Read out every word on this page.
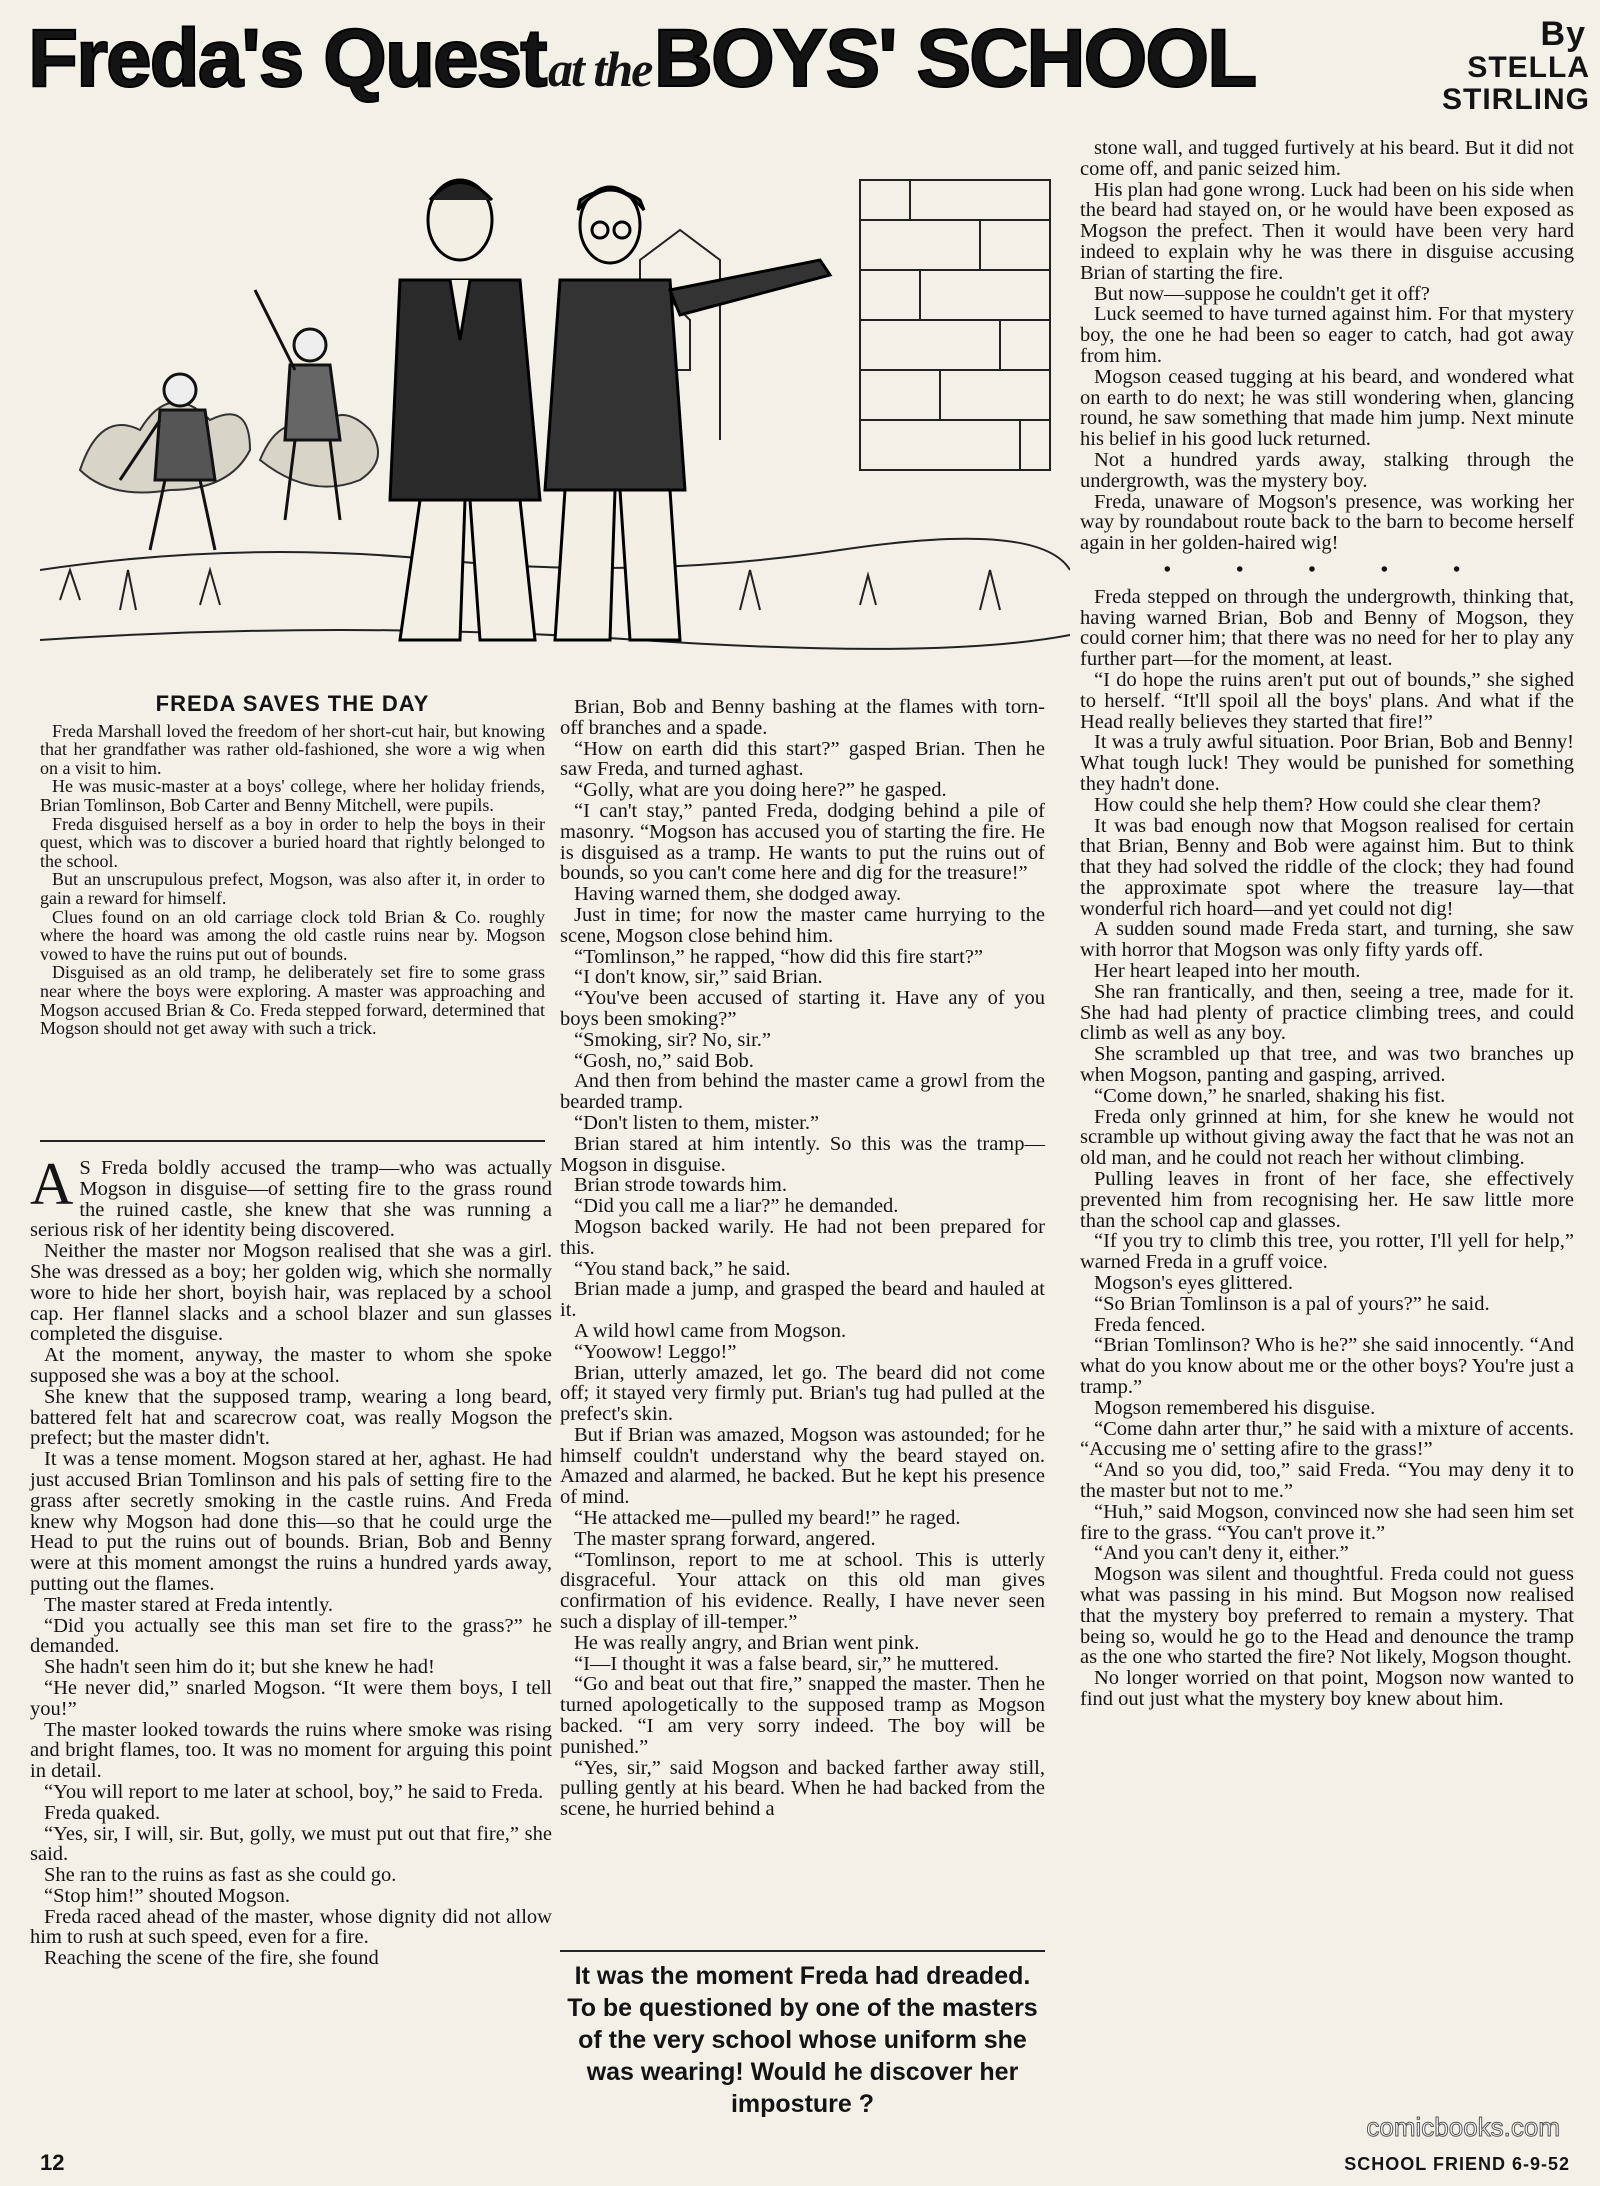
Freda's Quest at the BOYS' SCHOOL	By
STELLA
STIRLING
FREDA SAVES THE DAY

Freda Marshall loved the freedom of her short-cut hair, but knowing that her grandfather was rather old-fashioned, she wore a wig when on a visit to him.

He was music-master at a boys' college, where her holiday friends, Brian Tomlinson, Bob Carter and Benny Mitchell, were pupils.

Freda disguised herself as a boy in order to help the boys in their quest, which was to discover a buried hoard that rightly belonged to the school.

But an unscrupulous prefect, Mogson, was also after it, in order to gain a reward for himself.

Clues found on an old carriage clock told Brian & Co. roughly where the hoard was among the old castle ruins near by. Mogson vowed to have the ruins put out of bounds.

Disguised as an old tramp, he deliberately set fire to some grass near where the boys were exploring. A master was approaching and Mogson accused Brian & Co. Freda stepped forward, determined that Mogson should not get away with such a trick.

A S Freda boldly accused the tramp—who was actually Mogson in disguise—of setting fire to the grass round the ruined castle, she knew that she was running a serious risk of her identity being discovered.

Neither the master nor Mogson realised that she was a girl. She was dressed as a boy; her golden wig, which she normally wore to hide her short, boyish hair, was replaced by a school cap. Her flannel slacks and a school blazer and sun glasses completed the disguise.

At the moment, anyway, the master to whom she spoke supposed she was a boy at the school.

She knew that the supposed tramp, wearing a long beard, battered felt hat and scarecrow coat, was really Mogson the prefect; but the master didn't.

It was a tense moment. Mogson stared at her, aghast. He had just accused Brian Tomlinson and his pals of setting fire to the grass after secretly smoking in the castle ruins. And Freda knew why Mogson had done this—so that he could urge the Head to put the ruins out of bounds. Brian, Bob and Benny were at this moment amongst the ruins a hundred yards away, putting out the flames.

The master stared at Freda intently.

“Did you actually see this man set fire to the grass?” he demanded.

She hadn't seen him do it; but she knew he had!

“He never did,” snarled Mogson. “It were them boys, I tell you!”

The master looked towards the ruins where smoke was rising and bright flames, too. It was no moment for arguing this point in detail.

“You will report to me later at school, boy,” he said to Freda.

Freda quaked.

“Yes, sir, I will, sir. But, golly, we must put out that fire,” she said.

She ran to the ruins as fast as she could go.

“Stop him!” shouted Mogson.

Freda raced ahead of the master, whose dignity did not allow him to rush at such speed, even for a fire.

Reaching the scene of the fire, she found

Brian, Bob and Benny bashing at the flames with torn-off branches and a spade.

“How on earth did this start?” gasped Brian. Then he saw Freda, and turned aghast.

“Golly, what are you doing here?” he gasped.

“I can't stay,” panted Freda, dodging behind a pile of masonry. “Mogson has accused you of starting the fire. He is disguised as a tramp. He wants to put the ruins out of bounds, so you can't come here and dig for the treasure!”

Having warned them, she dodged away.

Just in time; for now the master came hurrying to the scene, Mogson close behind him.

“Tomlinson,” he rapped, “how did this fire start?”

“I don't know, sir,” said Brian.

“You've been accused of starting it. Have any of you boys been smoking?”

“Smoking, sir? No, sir.”

“Gosh, no,” said Bob.

And then from behind the master came a growl from the bearded tramp.

“Don't listen to them, mister.”

Brian stared at him intently. So this was the tramp—Mogson in disguise.

Brian strode towards him.

“Did you call me a liar?” he demanded.

Mogson backed warily. He had not been prepared for this.

“You stand back,” he said.

Brian made a jump, and grasped the beard and hauled at it.

A wild howl came from Mogson.

“Yoowow! Leggo!”

Brian, utterly amazed, let go. The beard did not come off; it stayed very firmly put. Brian's tug had pulled at the prefect's skin.

But if Brian was amazed, Mogson was astounded; for he himself couldn't understand why the beard stayed on. Amazed and alarmed, he backed. But he kept his presence of mind.

“He attacked me—pulled my beard!” he raged.

The master sprang forward, angered.

“Tomlinson, report to me at school. This is utterly disgraceful. Your attack on this old man gives confirmation of his evidence. Really, I have never seen such a display of ill-temper.”

He was really angry, and Brian went pink.

“I—I thought it was a false beard, sir,” he muttered.

“Go and beat out that fire,” snapped the master. Then he turned apologetically to the supposed tramp as Mogson backed. “I am very sorry indeed. The boy will be punished.”

“Yes, sir,” said Mogson and backed farther away still, pulling gently at his beard. When he had backed from the scene, he hurried behind a

stone wall, and tugged furtively at his beard. But it did not come off, and panic seized him.

His plan had gone wrong. Luck had been on his side when the beard had stayed on, or he would have been exposed as Mogson the prefect. Then it would have been very hard indeed to explain why he was there in disguise accusing Brian of starting the fire.

But now—suppose he couldn't get it off?

Luck seemed to have turned against him. For that mystery boy, the one he had been so eager to catch, had got away from him.

Mogson ceased tugging at his beard, and wondered what on earth to do next; he was still wondering when, glancing round, he saw something that made him jump. Next minute his belief in his good luck returned.

Not a hundred yards away, stalking through the undergrowth, was the mystery boy.

Freda, unaware of Mogson's presence, was working her way by roundabout route back to the barn to become herself again in her golden-haired wig!

• • • • •

Freda stepped on through the undergrowth, thinking that, having warned Brian, Bob and Benny of Mogson, they could corner him; that there was no need for her to play any further part—for the moment, at least.

“I do hope the ruins aren't put out of bounds,” she sighed to herself. “It'll spoil all the boys' plans. And what if the Head really believes they started that fire!”

It was a truly awful situation. Poor Brian, Bob and Benny! What tough luck! They would be punished for something they hadn't done.

How could she help them? How could she clear them?

It was bad enough now that Mogson realised for certain that Brian, Benny and Bob were against him. But to think that they had solved the riddle of the clock; they had found the approximate spot where the treasure lay—that wonderful rich hoard—and yet could not dig!

A sudden sound made Freda start, and turning, she saw with horror that Mogson was only fifty yards off.

Her heart leaped into her mouth.

She ran frantically, and then, seeing a tree, made for it. She had had plenty of practice climbing trees, and could climb as well as any boy.

She scrambled up that tree, and was two branches up when Mogson, panting and gasping, arrived.

“Come down,” he snarled, shaking his fist.

Freda only grinned at him, for she knew he would not scramble up without giving away the fact that he was not an old man, and he could not reach her without climbing.

Pulling leaves in front of her face, she effectively prevented him from recognising her. He saw little more than the school cap and glasses.

“If you try to climb this tree, you rotter, I'll yell for help,” warned Freda in a gruff voice.

Mogson's eyes glittered.

“So Brian Tomlinson is a pal of yours?” he said.

Freda fenced.

“Brian Tomlinson? Who is he?” she said innocently. “And what do you know about me or the other boys? You're just a tramp.”

Mogson remembered his disguise.

“Come dahn arter thur,” he said with a mixture of accents. “Accusing me o' setting afire to the grass!”

“And so you did, too,” said Freda. “You may deny it to the master but not to me.”

“Huh,” said Mogson, convinced now she had seen him set fire to the grass. “You can't prove it.”

“And you can't deny it, either.”

Mogson was silent and thoughtful. Freda could not guess what was passing in his mind. But Mogson now realised that the mystery boy preferred to remain a mystery. That being so, would he go to the Head and denounce the tramp as the one who started the fire? Not likely, Mogson thought.

No longer worried on that point, Mogson now wanted to find out just what the mystery boy knew about him.

It was the moment Freda had dreaded. To be questioned by one of the masters of the very school whose uniform she was wearing! Would he discover her imposture ?
12
comicbooks.com
SCHOOL FRIEND 6-9-52
